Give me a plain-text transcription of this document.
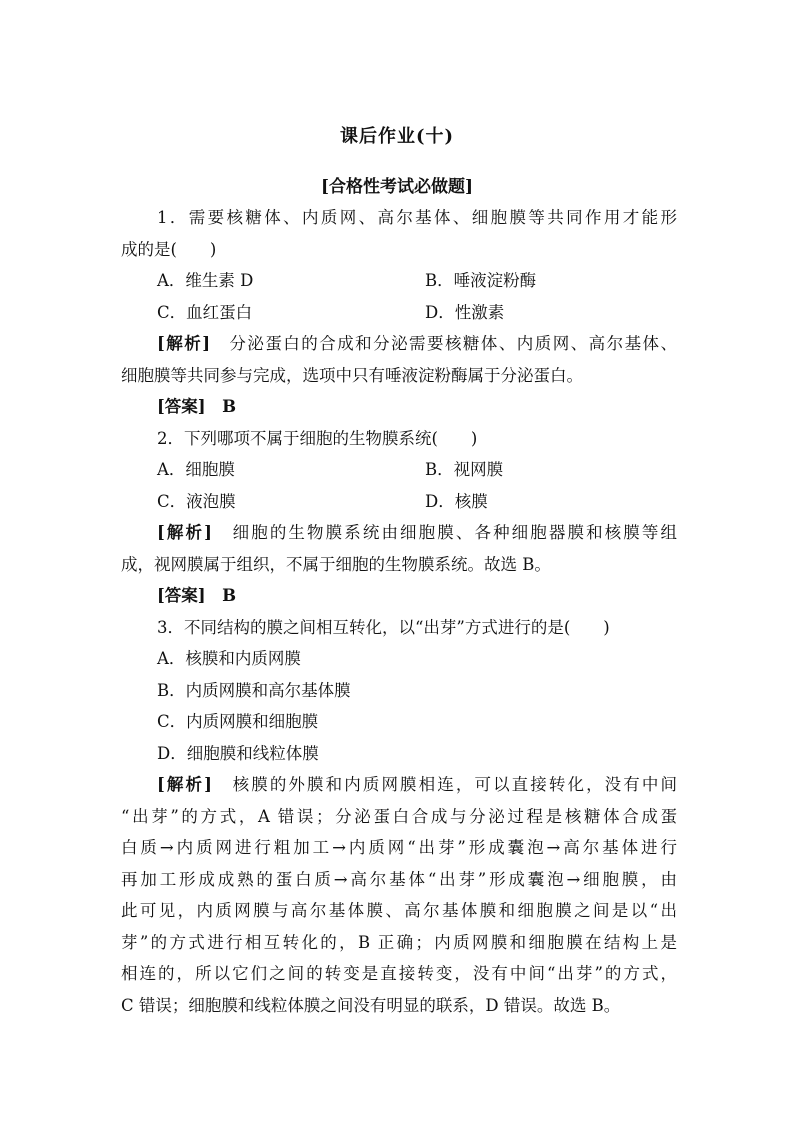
课后作业(十)
[合格性考试必做题]

1．需要核糖体、内质网、高尔基体、细胞膜等共同作用才能形

成的是(　　)

A．维生素 D	B．唾液淀粉酶
C．血红蛋白	D．性激素

[解析]　分泌蛋白的合成和分泌需要核糖体、内质网、高尔基体、

细胞膜等共同参与完成，选项中只有唾液淀粉酶属于分泌蛋白。

[答案]　B

2．下列哪项不属于细胞的生物膜系统(　　)

A．细胞膜	B．视网膜
C．液泡膜	D．核膜

[解析]　细胞的生物膜系统由细胞膜、各种细胞器膜和核膜等组

成，视网膜属于组织，不属于细胞的生物膜系统。故选 B。

[答案]　B

3．不同结构的膜之间相互转化，以“出芽”方式进行的是(　　)

A．核膜和内质网膜

B．内质网膜和高尔基体膜

C．内质网膜和细胞膜

D．细胞膜和线粒体膜

[解析]　核膜的外膜和内质网膜相连，可以直接转化，没有中间

“出芽”的方式，A 错误；分泌蛋白合成与分泌过程是核糖体合成蛋

白质→内质网进行粗加工→内质网“出芽”形成囊泡→高尔基体进行

再加工形成成熟的蛋白质→高尔基体“出芽”形成囊泡→细胞膜，由

此可见，内质网膜与高尔基体膜、高尔基体膜和细胞膜之间是以“出

芽”的方式进行相互转化的，B 正确；内质网膜和细胞膜在结构上是

相连的，所以它们之间的转变是直接转变，没有中间“出芽”的方式，

C 错误；细胞膜和线粒体膜之间没有明显的联系，D 错误。故选 B。
